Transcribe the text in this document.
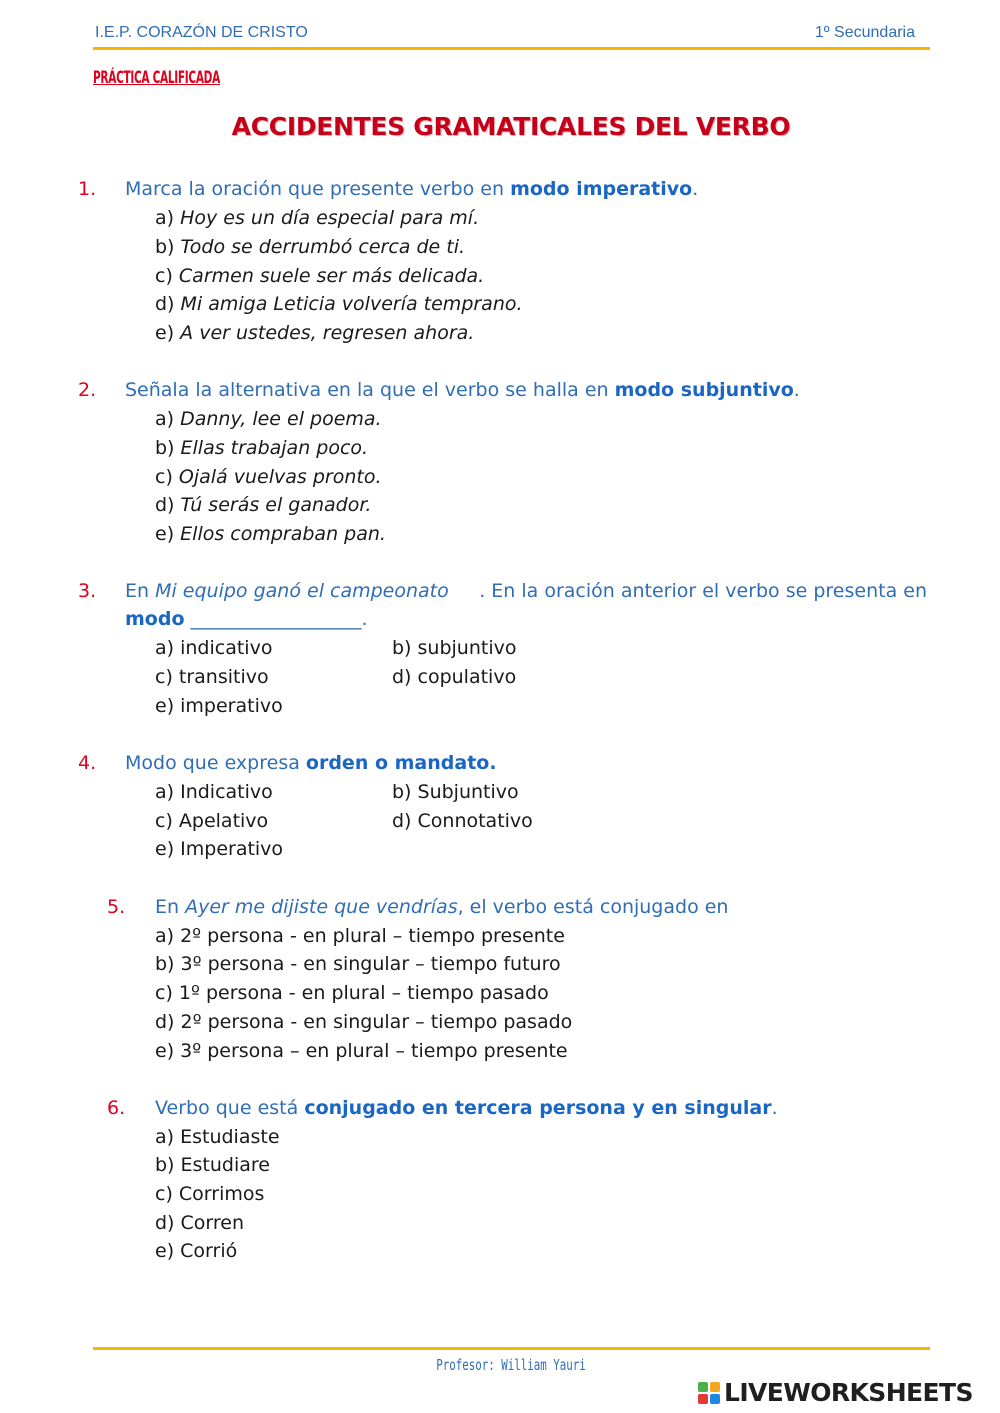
I.E.P. CORAZÓN DE CRISTO	1º Secundaria
PRÁCTICA CALIFICADA
ACCIDENTES GRAMATICALES DEL VERBO
1. Marca la oración que presente verbo en modo imperativo.
a) Hoy es un día especial para mí.
b) Todo se derrumbó cerca de ti.
c) Carmen suele ser más delicada.
d) Mi amiga Leticia volvería temprano.
e) A ver ustedes, regresen ahora.
2. Señala la alternativa en la que el verbo se halla en modo subjuntivo.
a) Danny, lee el poema.
b) Ellas trabajan poco.
c) Ojalá vuelvas pronto.
d) Tú serás el ganador.
e) Ellos compraban pan.
3. En Mi equipo ganó el campeonato . En la oración anterior el verbo se presenta en
modo __________________.
a) indicativo	b) subjuntivo
c) transitivo	d) copulativo
e) imperativo
4. Modo que expresa orden o mandato.
a) Indicativo	b) Subjuntivo
c) Apelativo	d) Connotativo
e) Imperativo
5. En Ayer me dijiste que vendrías, el verbo está conjugado en
a) 2º persona - en plural – tiempo presente
b) 3º persona - en singular – tiempo futuro
c) 1º persona - en plural – tiempo pasado
d) 2º persona - en singular – tiempo pasado
e) 3º persona – en plural – tiempo presente
6. Verbo que está conjugado en tercera persona y en singular.
a) Estudiaste
b) Estudiare
c) Corrimos
d) Corren
e) Corrió
Profesor: William Yauri
LIVEWORKSHEETS
